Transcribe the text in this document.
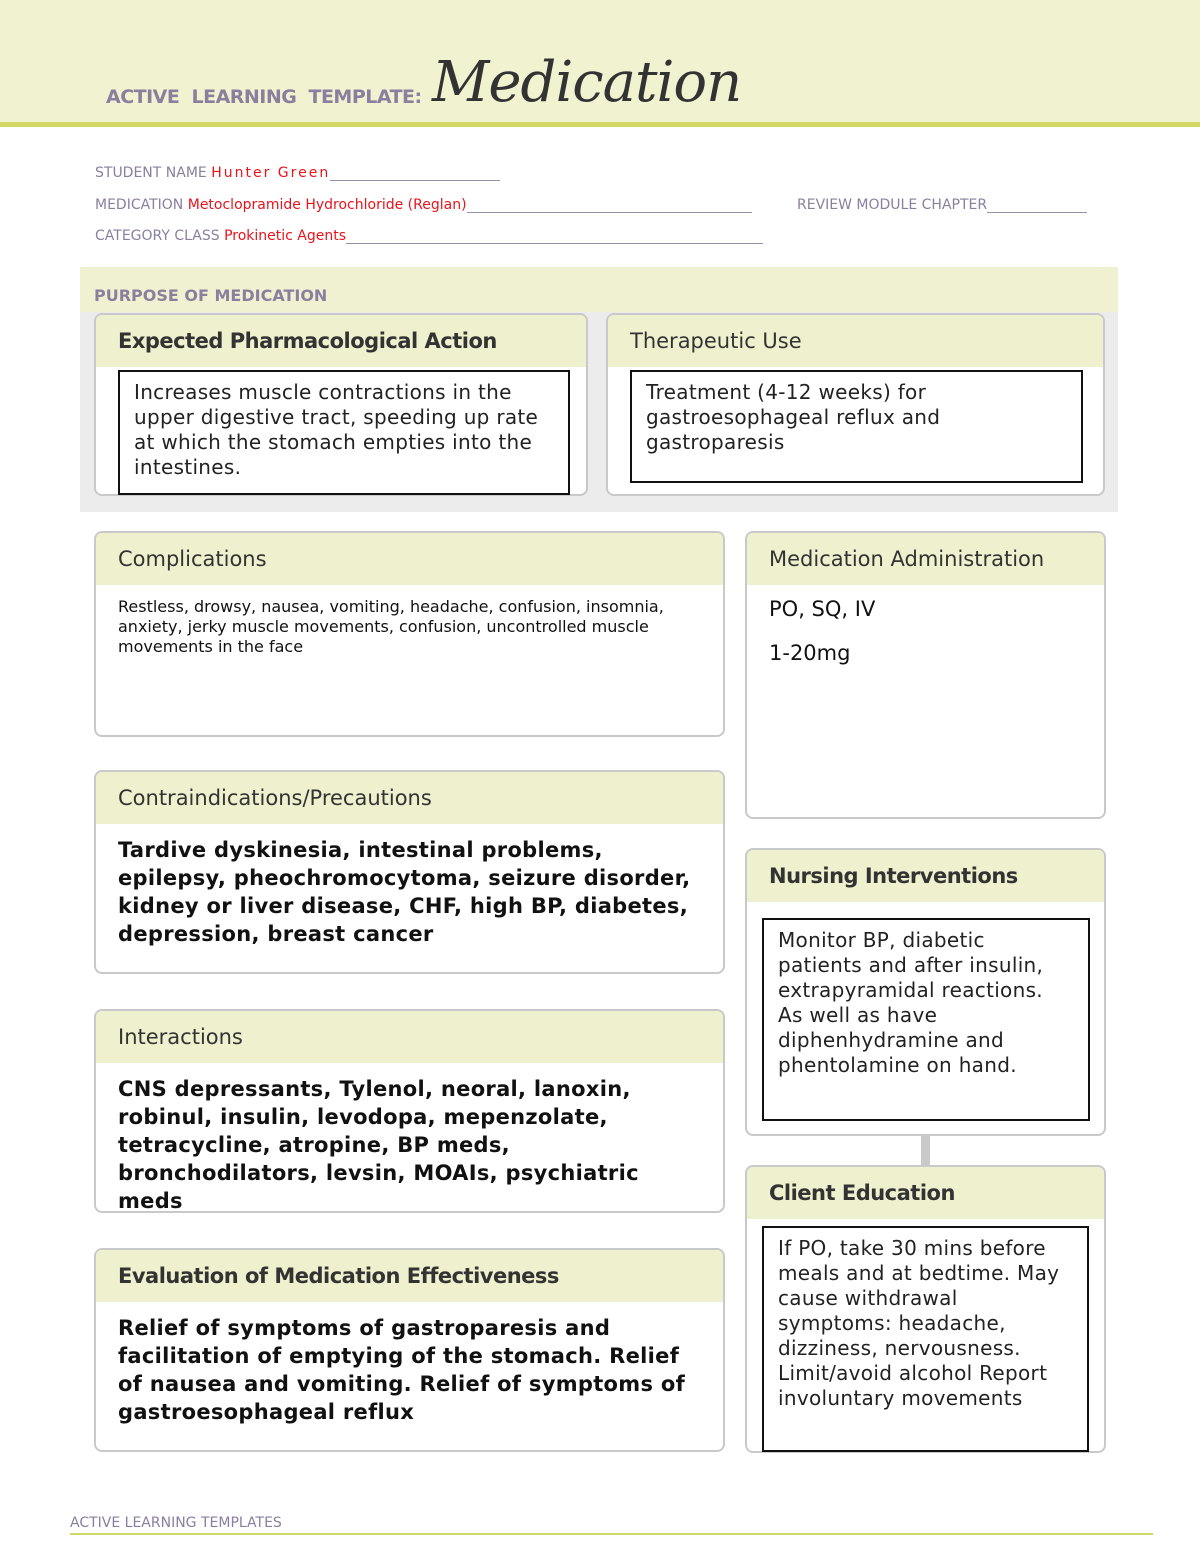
ACTIVE LEARNING TEMPLATE: Medication
STUDENT NAME Hunter Green
MEDICATION Metoclopramide Hydrochloride (Reglan)	REVIEW MODULE CHAPTER
CATEGORY CLASS Prokinetic Agents
PURPOSE OF MEDICATION
Expected Pharmacological Action
Increases muscle contractions in the upper digestive tract, speeding up rate at which the stomach empties into the intestines.
Therapeutic Use
Treatment (4-12 weeks) for gastroesophageal reflux and gastroparesis
Complications
Restless, drowsy, nausea, vomiting, headache, confusion, insomnia, anxiety, jerky muscle movements, confusion, uncontrolled muscle movements in the face
Medication Administration
PO, SQ, IV
1-20mg
Contraindications/Precautions
Tardive dyskinesia, intestinal problems, epilepsy, pheochromocytoma, seizure disorder, kidney or liver disease, CHF, high BP, diabetes, depression, breast cancer
Nursing Interventions
Monitor BP, diabetic patients and after insulin, extrapyramidal reactions. As well as have diphenhydramine and phentolamine on hand.
Interactions
CNS depressants, Tylenol, neoral, lanoxin, robinul, insulin, levodopa, mepenzolate, tetracycline, atropine, BP meds, bronchodilators, levsin, MOAIs, psychiatric meds	Client Education
If PO, take 30 mins before meals and at bedtime. May cause withdrawal symptoms: headache, dizziness, nervousness. Limit/avoid alcohol Report involuntary movements
Evaluation of Medication Effectiveness
Relief of symptoms of gastroparesis and facilitation of emptying of the stomach. Relief of nausea and vomiting. Relief of symptoms of gastroesophageal reflux
ACTIVE LEARNING TEMPLATES
